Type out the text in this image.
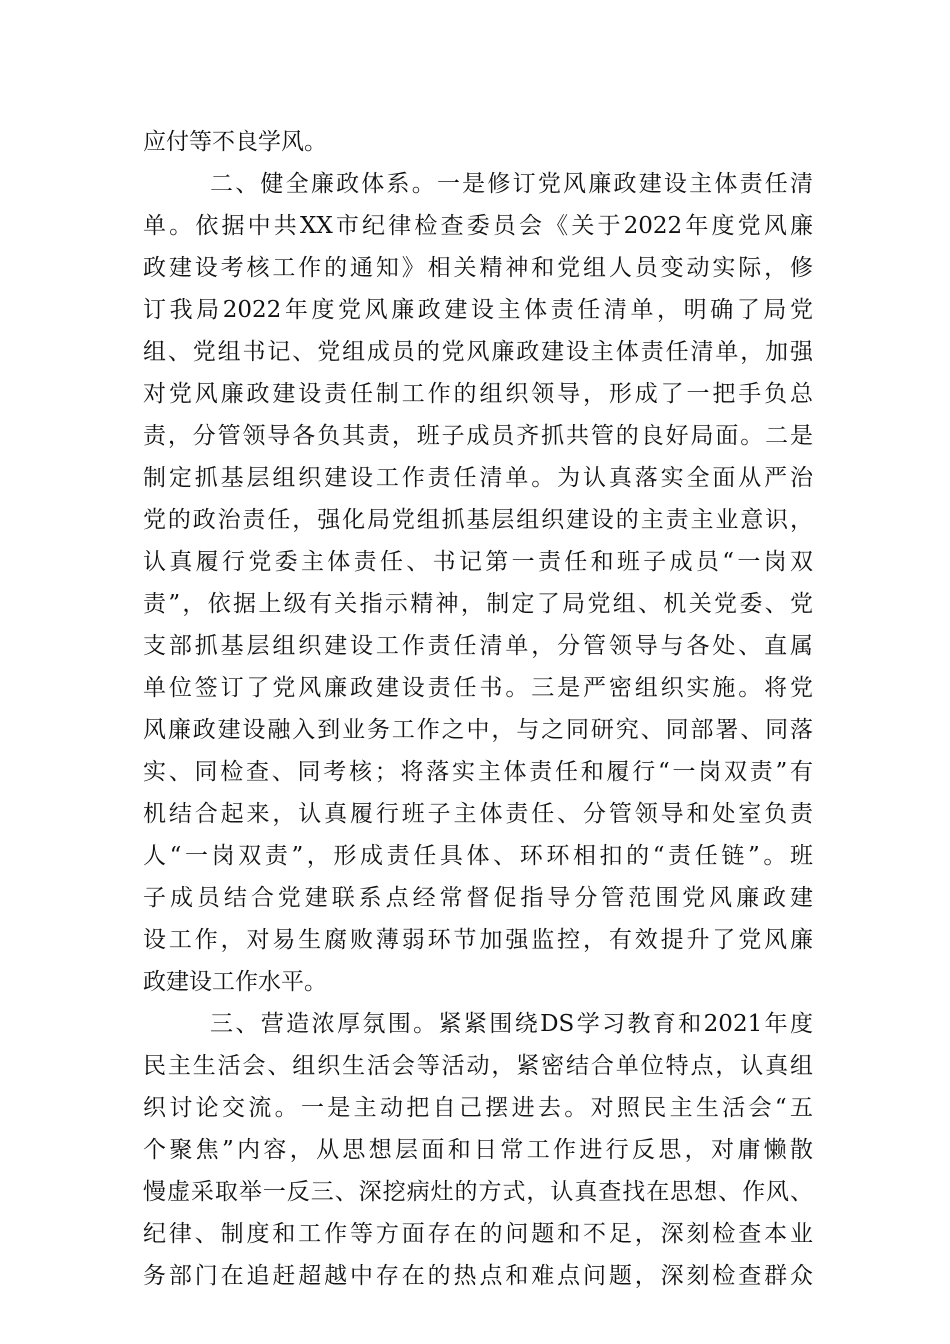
应付等不良学风。
二、健全廉政体系。一是修订党风廉政建设主体责任清
单。依据中共XX市纪律检查委员会《关于2022年度党风廉
政建设考核工作的通知》相关精神和党组人员变动实际，修
订我局2022年度党风廉政建设主体责任清单，明确了局党
组、党组书记、党组成员的党风廉政建设主体责任清单，加强
对党风廉政建设责任制工作的组织领导，形成了一把手负总
责，分管领导各负其责，班子成员齐抓共管的良好局面。二是
制定抓基层组织建设工作责任清单。为认真落实全面从严治
党的政治责任，强化局党组抓基层组织建设的主责主业意识，
认真履行党委主体责任、书记第一责任和班子成员“一岗双
责”，依据上级有关指示精神，制定了局党组、机关党委、党
支部抓基层组织建设工作责任清单，分管领导与各处、直属
单位签订了党风廉政建设责任书。三是严密组织实施。将党
风廉政建设融入到业务工作之中，与之同研究、同部署、同落
实、同检查、同考核；将落实主体责任和履行“一岗双责”有
机结合起来，认真履行班子主体责任、分管领导和处室负责
人“一岗双责”，形成责任具体、环环相扣的“责任链”。班
子成员结合党建联系点经常督促指导分管范围党风廉政建
设工作，对易生腐败薄弱环节加强监控，有效提升了党风廉
政建设工作水平。
三、营造浓厚氛围。紧紧围绕DS学习教育和2021年度
民主生活会、组织生活会等活动，紧密结合单位特点，认真组
织讨论交流。一是主动把自己摆进去。对照民主生活会“五
个聚焦”内容，从思想层面和日常工作进行反思，对庸懒散
慢虚采取举一反三、深挖病灶的方式，认真查找在思想、作风、
纪律、制度和工作等方面存在的问题和不足，深刻检查本业
务部门在追赶超越中存在的热点和难点问题，深刻检查群众
